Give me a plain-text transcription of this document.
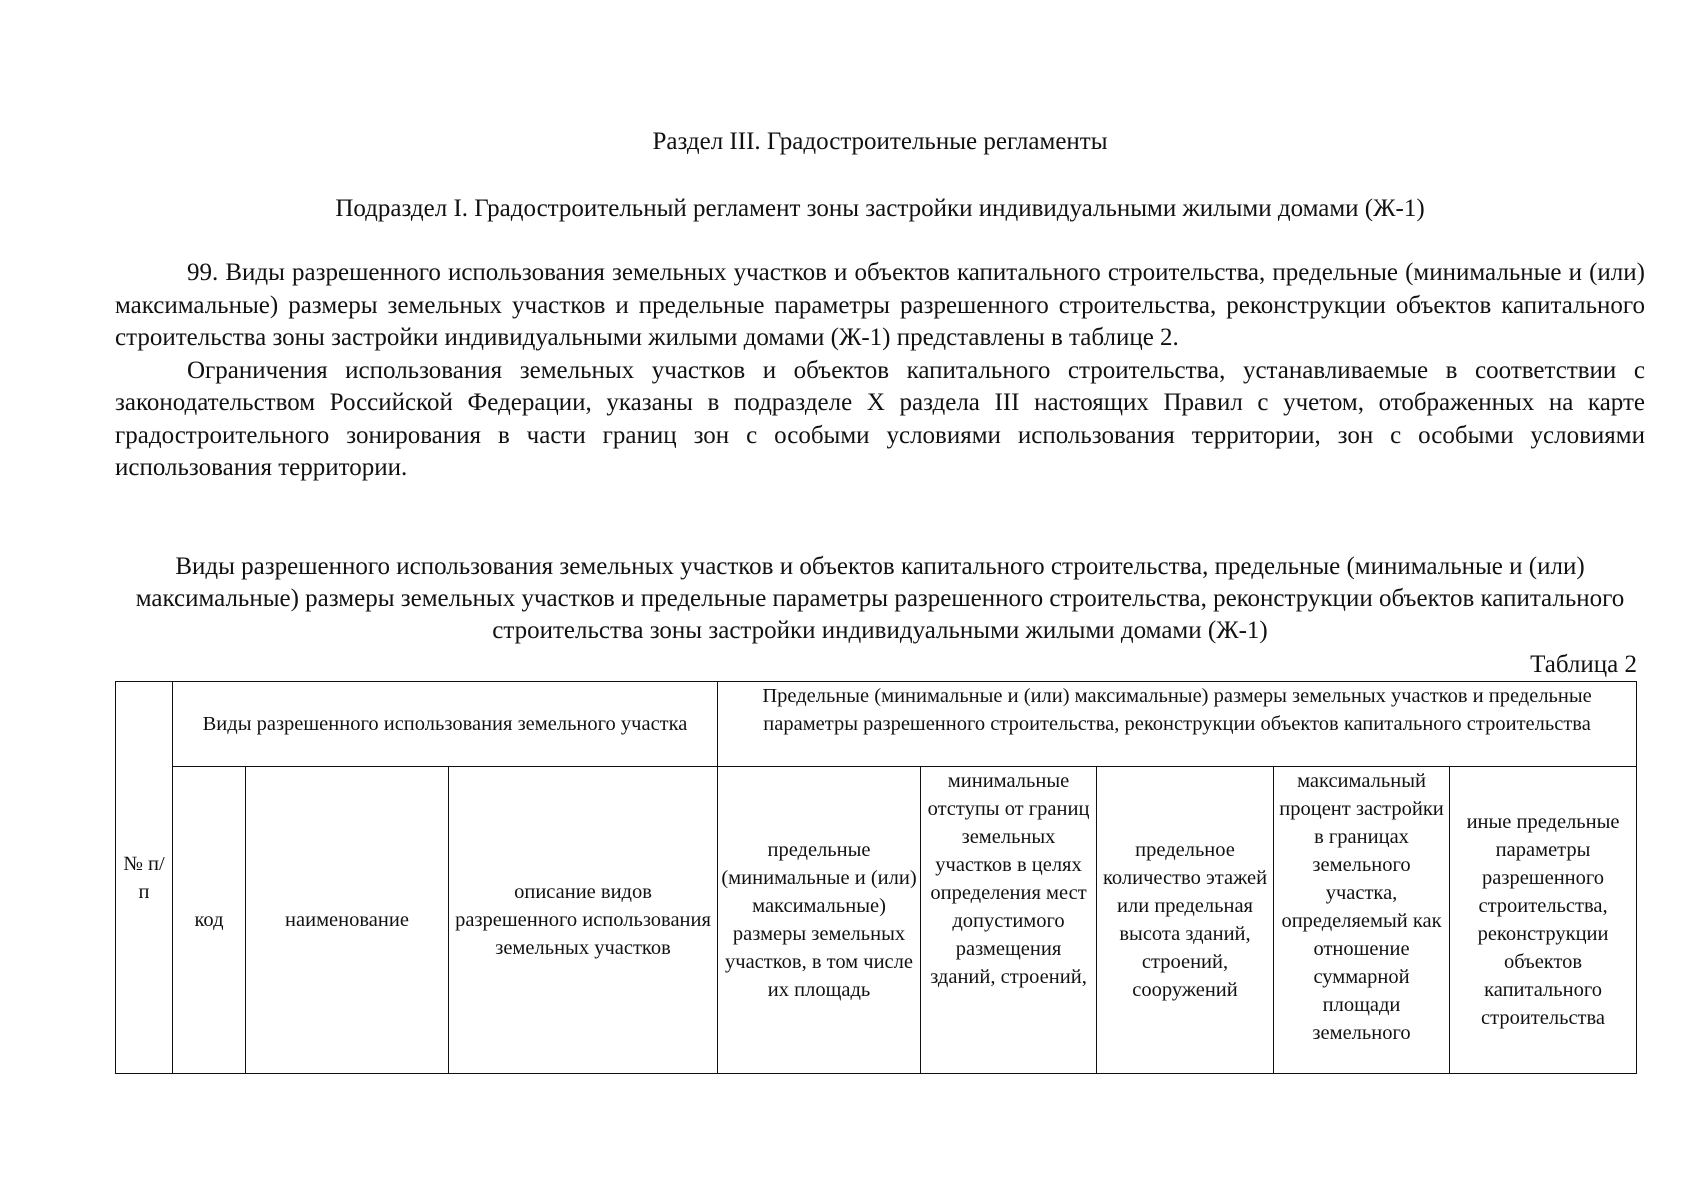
Раздел III. Градостроительные регламенты
Подраздел I. Градостроительный регламент зоны застройки индивидуальными жилыми домами (Ж-1)

99. Виды разрешенного использования земельных участков и объектов капитального строительства, предельные (минимальные и (или) максимальные) размеры земельных участков и предельные параметры разрешенного строительства, реконструкции объектов капитального строительства зоны застройки индивидуальными жилыми домами (Ж-1) представлены в таблице 2.

Ограничения использования земельных участков и объектов капитального строительства, устанавливаемые в соответствии с законодательством Российской Федерации, указаны в подразделе X раздела III настоящих Правил с учетом, отображенных на карте градостроительного зонирования в части границ зон с особыми условиями использования территории, зон с особыми условиями использования территории.

Виды разрешенного использования земельных участков и объектов капитального строительства, предельные (минимальные и (или) максимальные) размеры земельных участков и предельные параметры разрешенного строительства, реконструкции объектов капитального строительства зоны застройки индивидуальными жилыми домами (Ж-1)

Таблица 2
№ п/п	Виды разрешенного использования земельного участка			Предельные (минимальные и (или) максимальные) размеры земельных участков и предельные параметры разрешенного строительства, реконструкции объектов капитального строительства				
	код	наименование	описание видов разрешенного использования земельных участков	предельные (минимальные и (или) максимальные) размеры земельных участков, в том числе их площадь	минимальные отступы от границ земельных участков в целях определения мест допустимого размещения зданий, строений,	предельное количество этажей или предельная высота зданий, строений, сооружений	максимальный процент застройки в границах земельного участка, определяемый как отношение суммарной площади земельного	иные предельные параметры разрешенного строительства, реконструкции объектов капитального строительства
